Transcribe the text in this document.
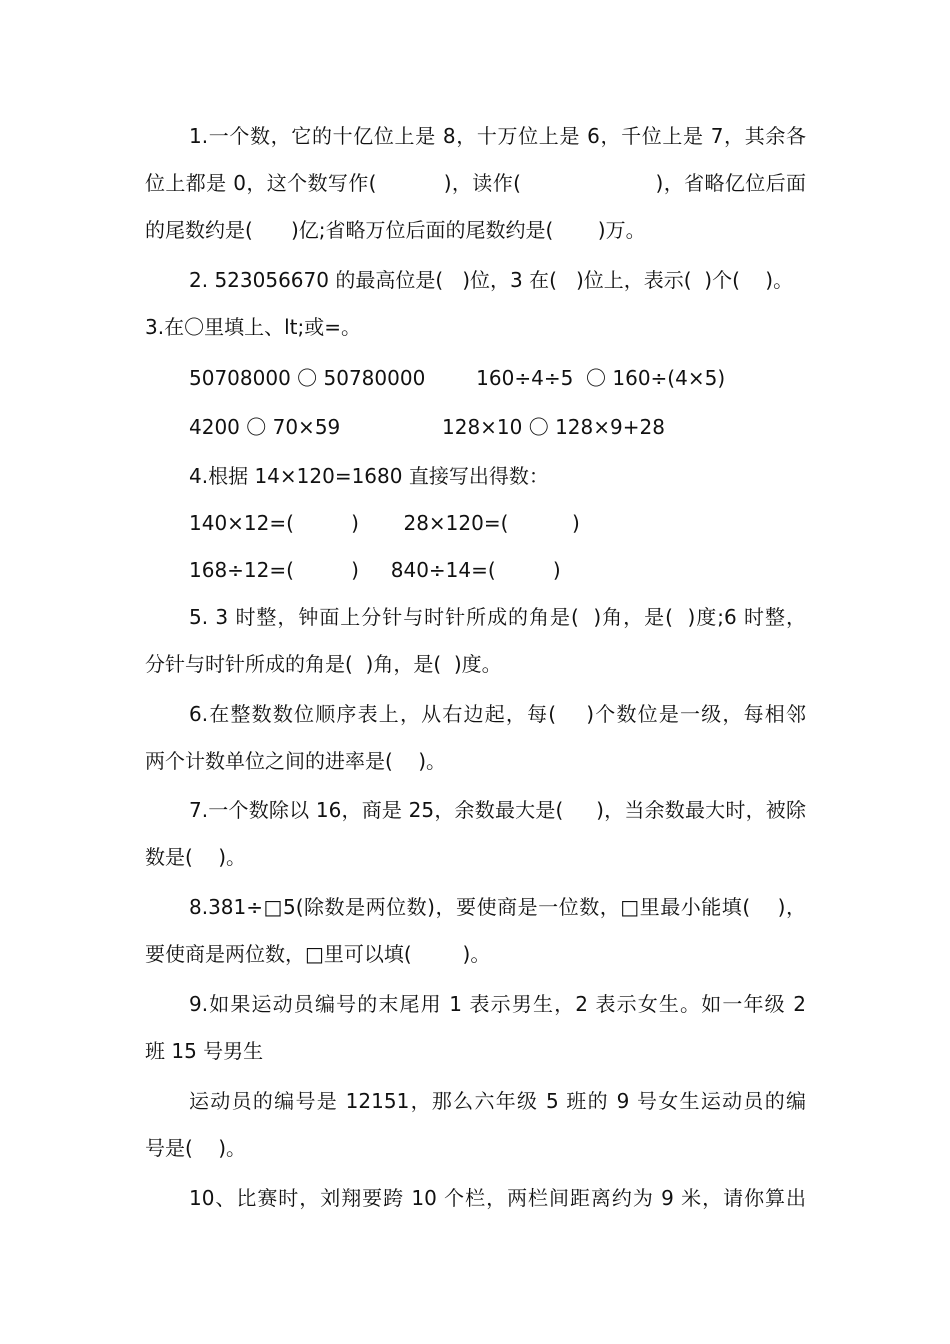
1.一个数，它的十亿位上是 8，十万位上是 6，千位上是 7，其余各
位上都是 0，这个数写作(          )，读作(                    )，省略亿位后面
的尾数约是(      )亿;省略万位后面的尾数约是(       )万。
2. 523056670 的最高位是(   )位，3 在(   )位上，表示(  )个(    )。
3.在〇里填上、lt;或=。
50708000 〇 50780000        160÷4÷5  〇 160÷(4×5)
4200 〇 70×59                128×10 〇 128×9+28
4.根据 14×120=1680 直接写出得数：
140×12=(         )       28×120=(          )
168÷12=(         )     840÷14=(         )
5. 3 时整，钟面上分针与时针所成的角是(  )角，是(  )度;6 时整，
分针与时针所成的角是(  )角，是(  )度。
6.在整数数位顺序表上，从右边起，每(    )个数位是一级，每相邻
两个计数单位之间的进率是(    )。
7.一个数除以 16，商是 25，余数最大是(     )，当余数最大时，被除
数是(    )。
8.381÷□5(除数是两位数)，要使商是一位数，□里最小能填(    )，
要使商是两位数，□里可以填(        )。
9.如果运动员编号的末尾用 1 表示男生，2 表示女生。如一年级 2
班 15 号男生
运动员的编号是 12151，那么六年级 5 班的 9 号女生运动员的编
号是(    )。
10、比赛时，刘翔要跨 10 个栏，两栏间距离约为 9 米，请你算出
